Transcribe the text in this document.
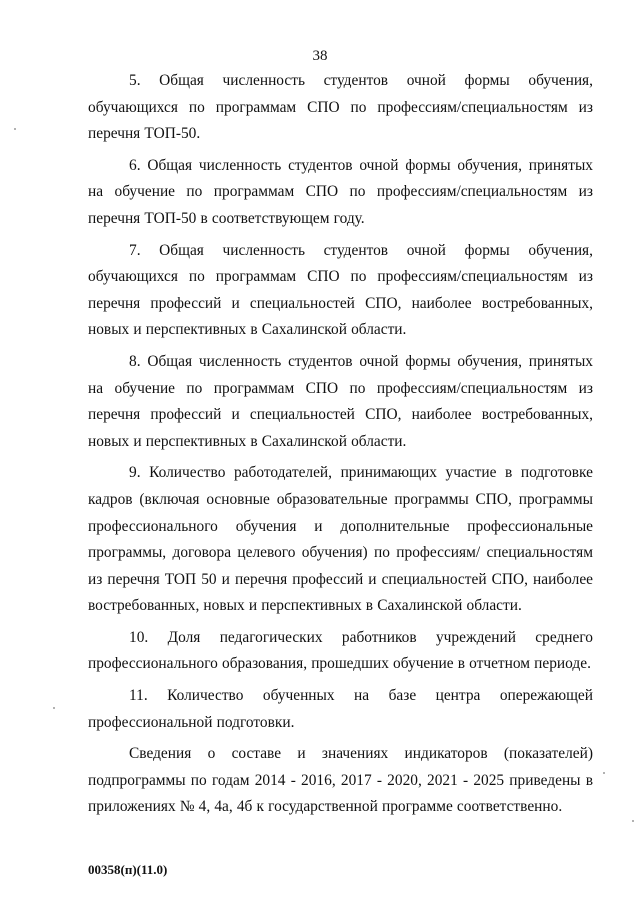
38

5. Общая численность студентов очной формы обучения, обучающихся по программам СПО по профессиям/специальностям из перечня ТОП-50.

6. Общая численность студентов очной формы обучения, принятых на обучение по программам СПО по профессиям/специальностям из перечня ТОП-50 в соответствующем году.

7. Общая численность студентов очной формы обучения, обучающихся по программам СПО по профессиям/специальностям из перечня профессий и специальностей СПО, наиболее востребованных, новых и перспективных в Сахалинской области.

8. Общая численность студентов очной формы обучения, принятых на обучение по программам СПО по профессиям/специальностям из перечня профессий и специальностей СПО, наиболее востребованных, новых и перспективных в Сахалинской области.

9. Количество работодателей, принимающих участие в подготовке кадров (включая основные образовательные программы СПО, программы профессионального обучения и дополнительные профессиональные программы, договора целевого обучения) по профессиям/ специальностям из перечня ТОП 50 и перечня профессий и специальностей СПО, наиболее востребованных, новых и перспективных в Сахалинской области.

10. Доля педагогических работников учреждений среднего профессионального образования, прошедших обучение в отчетном периоде.

11. Количество обученных на базе центра опережающей профессиональной подготовки.

Сведения о составе и значениях индикаторов (показателей) подпрограммы по годам 2014 - 2016, 2017 - 2020, 2021 - 2025 приведены в приложениях № 4, 4а, 4б к государственной программе соответственно.

00358(п)(11.0)
